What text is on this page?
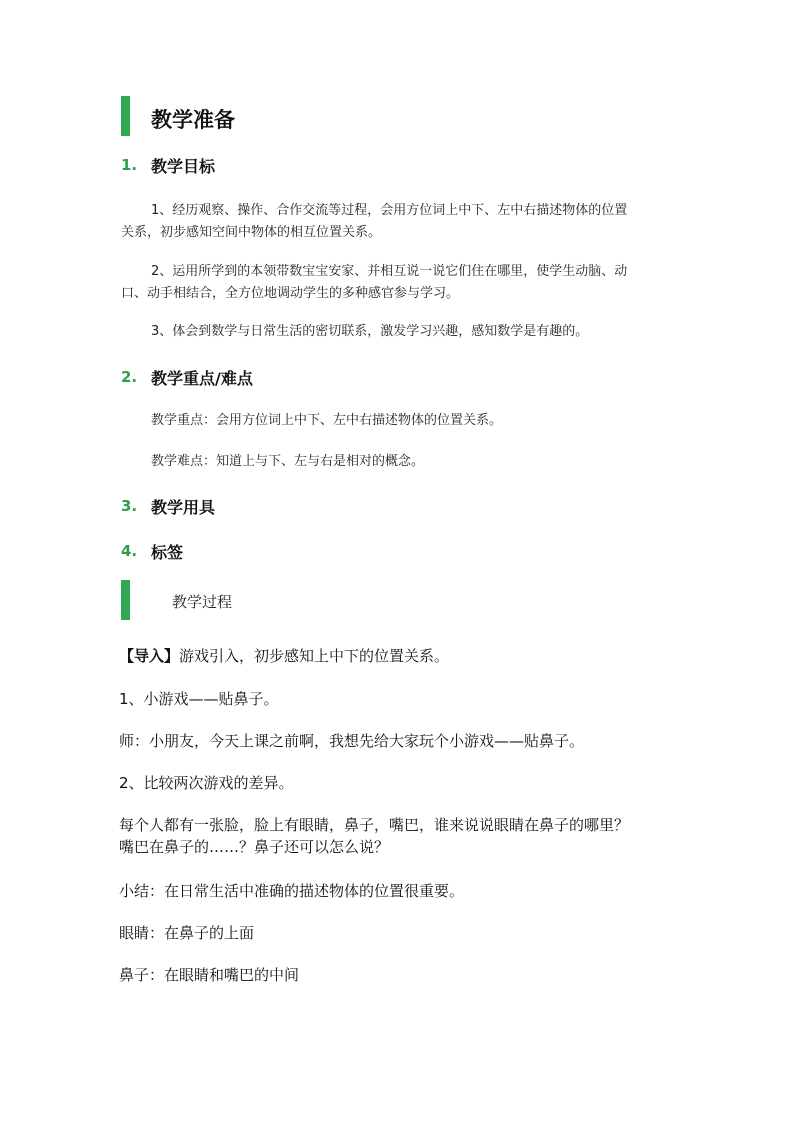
教学准备
1. 教学目标
1、经历观察、操作、合作交流等过程，会用方位词上中下、左中右描述物体的位置
关系，初步感知空间中物体的相互位置关系。
2、运用所学到的本领带数宝宝安家、并相互说一说它们住在哪里，使学生动脑、动
口、动手相结合，全方位地调动学生的多种感官参与学习。
3、体会到数学与日常生活的密切联系，激发学习兴趣，感知数学是有趣的。
2. 教学重点/难点
教学重点：会用方位词上中下、左中右描述物体的位置关系。
教学难点：知道上与下、左与右是相对的概念。
3. 教学用具
4. 标签
教学过程
【导入】游戏引入，初步感知上中下的位置关系。
1、小游戏——贴鼻子。
师：小朋友，今天上课之前啊，我想先给大家玩个小游戏——贴鼻子。
2、比较两次游戏的差异。
每个人都有一张脸，脸上有眼睛，鼻子，嘴巴，谁来说说眼睛在鼻子的哪里？
嘴巴在鼻子的……？鼻子还可以怎么说？
小结：在日常生活中准确的描述物体的位置很重要。
眼睛：在鼻子的上面
鼻子：在眼睛和嘴巴的中间
